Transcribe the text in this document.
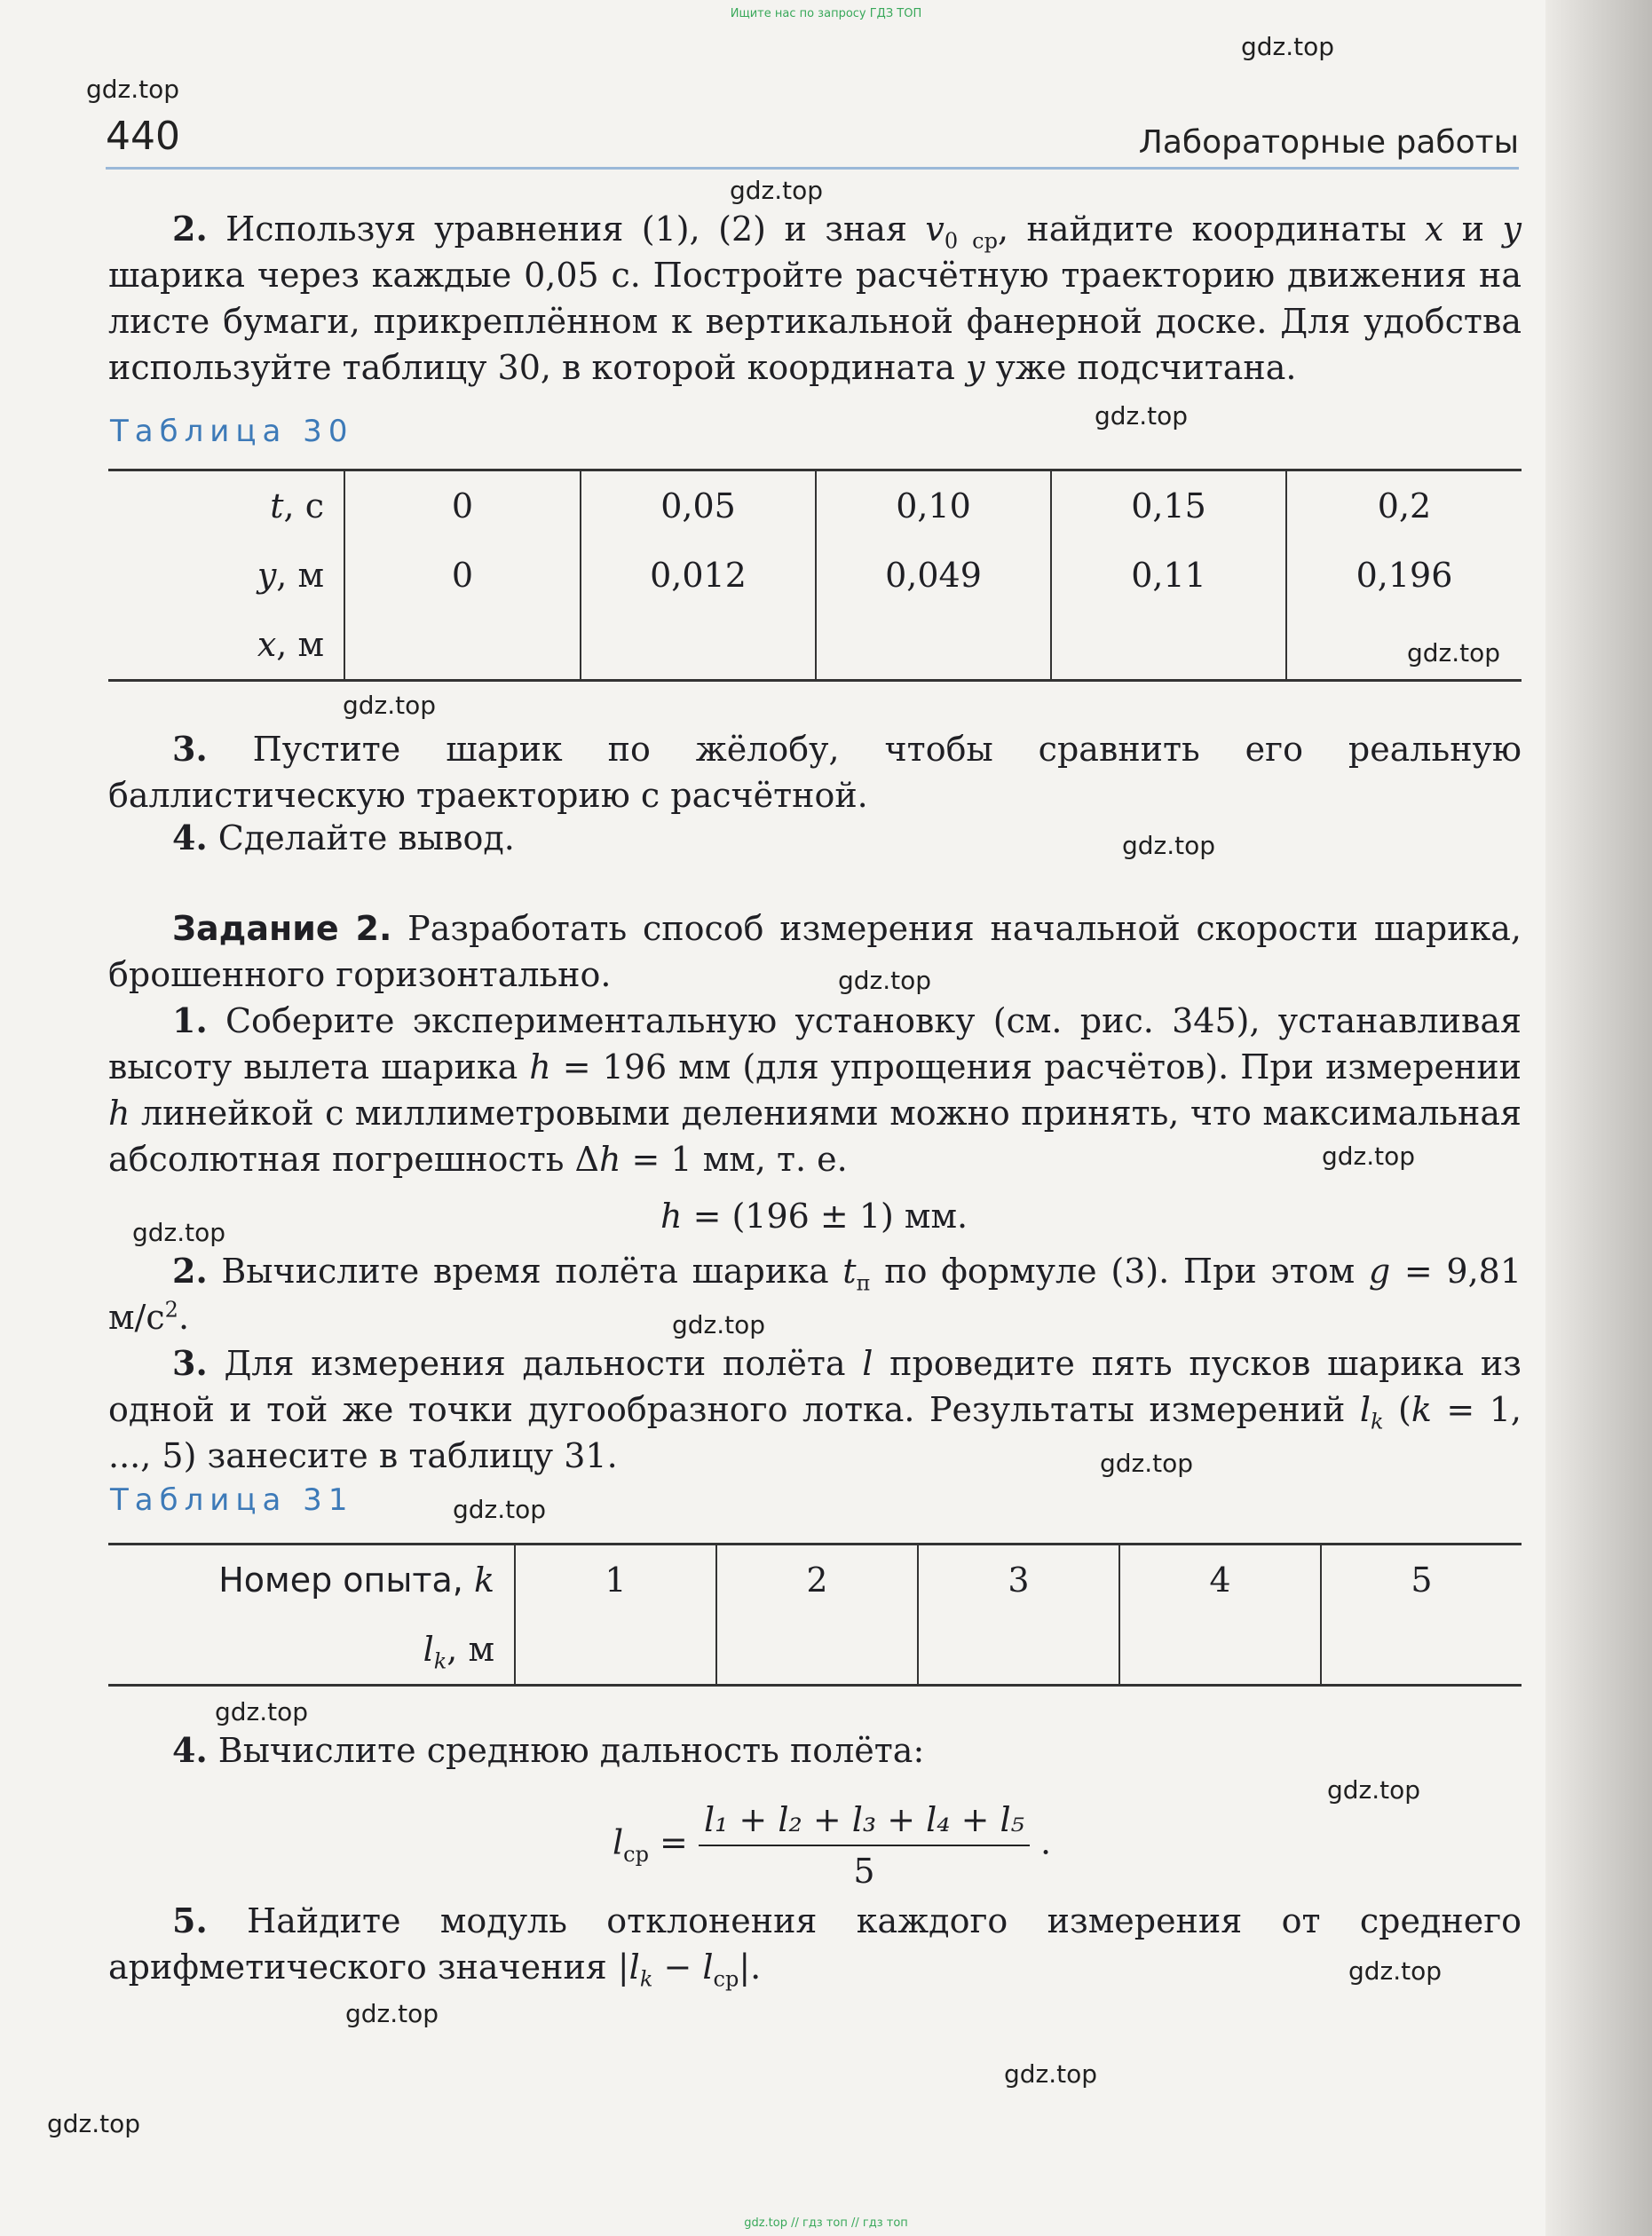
Ищите нас по запросу ГДЗ ТОП
gdz.top
gdz.top
gdz.top
gdz.top
gdz.top
gdz.top
gdz.top
gdz.top
gdz.top
gdz.top
gdz.top
gdz.top
gdz.top
gdz.top
gdz.top
gdz.top
gdz.top
gdz.top
gdz.top
440	Лабораторные работы

2. Используя уравнения (1), (2) и зная $v_{0 ср}$, найдите координаты x и y шарика через каждые 0,05 с. Постройте расчётную траекторию движения на листе бумаги, прикреплённом к вертикальной фанерной доске. Для удобства используйте таблицу 30, в которой координата y уже подсчитана.

Таблица 30
t, с	0	0,05	0,10	0,15	0,2
y, м	0	0,012	0,049	0,11	0,196
x, м					

3. Пустите шарик по жёлобу, чтобы сравнить его реальную баллистическую траекторию с расчётной.

4. Сделайте вывод.

Задание 2. Разработать способ измерения начальной скорости шарика, брошенного горизонтально.

1. Соберите экспериментальную установку (см. рис. 345), устанавливая высоту вылета шарика h = 196 мм (для упрощения расчётов). При измерении h линейкой с миллиметровыми делениями можно принять, что максимальная абсолютная погрешность Δh = 1 мм, т. е.

h = (196 ± 1) мм.

2. Вычислите время полёта шарика $t_п$ по формуле (3). При этом g = 9,81 $м/с^2$.

3. Для измерения дальности полёта l проведите пять пусков шарика из одной и той же точки дугообразного лотка. Результаты измерений $l_k$ (k = 1, ..., 5) занесите в таблицу 31.

Таблица 31
Номер опыта, k	1	2	3	4	5
$l_k$, м					

4. Вычислите среднюю дальность полёта:

$l_{ср} = \frac{\text{l₁ + l₂ + l₃ + l₄ + l₅}}{5}$ .

5. Найдите модуль отклонения каждого измерения от среднего арифметического значения $|l_k - l_{ср}|$.

gdz.top // гдз топ // гдз топ
